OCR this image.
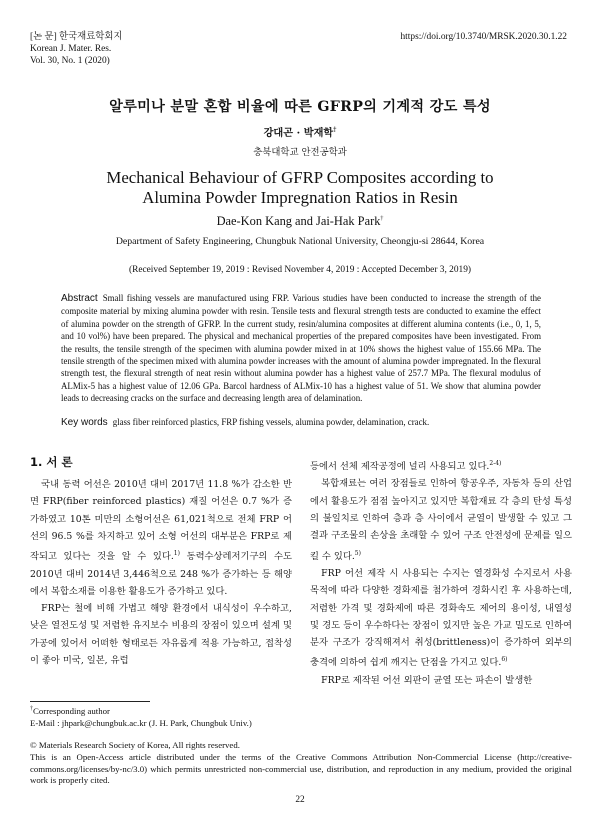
[논 문] 한국재료학회지
Korean J. Mater. Res.
Vol. 30, No. 1 (2020)
https://doi.org/10.3740/MRSK.2020.30.1.22
알루미나 분말 혼합 비율에 따른 GFRP의 기계적 강도 특성
강대곤 · 박재학†
충북대학교 안전공학과
Mechanical Behaviour of GFRP Composites according to
Alumina Powder Impregnation Ratios in Resin
Dae-Kon Kang and Jai-Hak Park†
Department of Safety Engineering, Chungbuk National University, Cheongju-si 28644, Korea
(Received September 19, 2019 : Revised November 4, 2019 : Accepted December 3, 2019)
Abstract Small fishing vessels are manufactured using FRP. Various studies have been conducted to increase the strength of the composite material by mixing alumina powder with resin. Tensile tests and flexural strength tests are conducted to examine the effect of alumina powder on the strength of GFRP. In the current study, resin/alumina composites at different alumina contents (i.e., 0, 1, 5, and 10 vol%) have been prepared. The physical and mechanical properties of the prepared composites have been investigated. From the results, the tensile strength of the specimen with alumina powder mixed in at 10% shows the highest value of 155.66 MPa. The tensile strength of the specimen mixed with alumina powder increases with the amount of alumina powder impregnated. In the flexural strength test, the flexural strength of neat resin without alumina powder has a highest value of 257.7 MPa. The flexural modulus of ALMix-5 has a highest value of 12.06 GPa. Barcol hardness of ALMix-10 has a highest value of 51. We show that alumina powder leads to decreasing cracks on the surface and decreasing length area of delamination.
Key words glass fiber reinforced plastics, FRP fishing vessels, alumina powder, delamination, crack.
1. 서 론

국내 동력 어선은 2010년 대비 2017년 11.8 %가 감소한 반면 FRP(fiber reinforced plastics) 재질 어선은 0.7 %가 증가하였고 10톤 미만의 소형어선은 61,021척으로 전체 FRP 어선의 96.5 %를 차지하고 있어 소형 어선의 대부분은 FRP로 제작되고 있다는 것을 알 수 있다.$^{1)}$ 동력수상레저기구의 수도 2010년 대비 2014년 3,446척으로 248 %가 증가하는 등 해양에서 복합소재를 이용한 활용도가 증가하고 있다.

FRP는 철에 비해 가볍고 해양 환경에서 내식성이 우수하고, 낮은 열전도성 및 저렴한 유지보수 비용의 장점이 있으며 설계 및 가공에 있어서 어떠한 형태로든 자유롭게 적용 가능하고, 접착성이 좋아 미국, 일본, 유럽

등에서 선체 제작공정에 널리 사용되고 있다.$^{2-4)}$

복합재료는 여러 장점들로 인하여 항공우주, 자동차 등의 산업에서 활용도가 점점 높아지고 있지만 복합재료 각 층의 탄성 특성의 불일치로 인하여 층과 층 사이에서 균열이 발생할 수 있고 그 결과 구조물의 손상을 초래할 수 있어 구조 안전성에 문제를 일으킬 수 있다.$^{5)}$

FRP 어선 제작 시 사용되는 수지는 열경화성 수지로서 사용 목적에 따라 다양한 경화제를 첨가하여 경화시킨 후 사용하는데, 저렴한 가격 및 경화제에 따른 경화속도 제어의 용이성, 내열성 및 경도 등이 우수하다는 장점이 있지만 높은 가교 밀도로 인하여 분자 구조가 강직해져서 취성(brittleness)이 증가하여 외부의 충격에 의하여 쉽게 깨지는 단점을 가지고 있다.$^{6)}$

FRP로 제작된 어선 외판이 균열 또는 파손이 발생한

†Corresponding author
E-Mail : jhpark@chungbuk.ac.kr (J. H. Park, Chungbuk Univ.)
© Materials Research Society of Korea, All rights reserved.
This is an Open-Access article distributed under the terms of the Creative Commons Attribution Non-Commercial License (http://creative-commons.org/licenses/by-nc/3.0) which permits unrestricted non-commercial use, distribution, and reproduction in any medium, provided the original work is properly cited.
22
